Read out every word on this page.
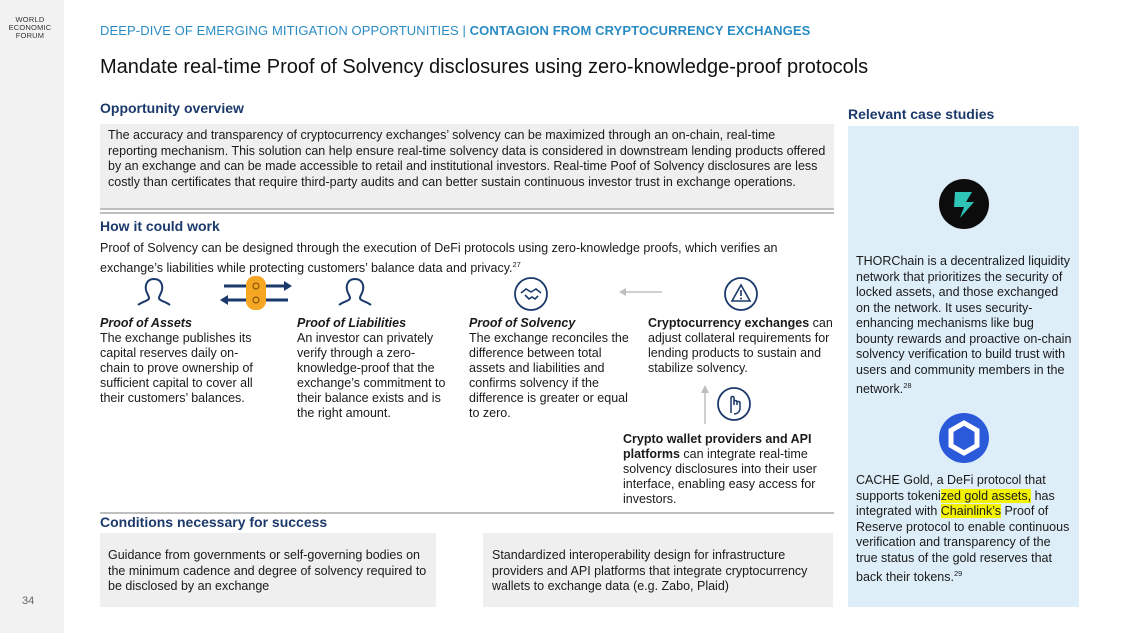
WORLD
ECONOMIC
FORUM
34
DEEP-DIVE OF EMERGING MITIGATION OPPORTUNITIES | CONTAGION FROM CRYPTOCURRENCY EXCHANGES
Mandate real-time Proof of Solvency disclosures using zero-knowledge-proof protocols
Opportunity overview
The accuracy and transparency of cryptocurrency exchanges’ solvency can be maximized through an on-chain, real-time reporting mechanism. This solution can help ensure real-time solvency data is considered in downstream lending products offered by an exchange and can be made accessible to retail and institutional investors. Real-time Poof of Solvency disclosures are less costly than certificates that require third-party audits and can better sustain continuous investor trust in exchange operations.
How it could work
Proof of Solvency can be designed through the execution of DeFi protocols using zero-knowledge proofs, which verifies an exchange’s liabilities while protecting customers’ balance data and privacy.$^{27}$
Proof of Assets
The exchange publishes its capital reserves daily on-chain to prove ownership of sufficient capital to cover all their customers’ balances.
Proof of Liabilities
An investor can privately verify through a zero-knowledge-proof that the exchange’s commitment to their balance exists and is the right amount.
Proof of Solvency
The exchange reconciles the difference between total assets and liabilities and confirms solvency if the difference is greater or equal to zero.
Cryptocurrency exchanges can adjust collateral requirements for lending products to sustain and stabilize solvency.
Crypto wallet providers and API platforms can integrate real-time solvency disclosures into their user interface, enabling easy access for investors.
Conditions necessary for success
Guidance from governments or self-governing bodies on the minimum cadence and degree of solvency required to be disclosed by an exchange
Standardized interoperability design for infrastructure providers and API platforms that integrate cryptocurrency wallets to exchange data (e.g. Zabo, Plaid)
Relevant case studies
THORChain is a decentralized liquidity network that prioritizes the security of locked assets, and those exchanged on the network. It uses security-enhancing mechanisms like bug bounty rewards and proactive on-chain solvency verification to build trust with users and community members in the network.$^{28}$
CACHE Gold, a DeFi protocol that supports tokenized gold assets, has integrated with Chainlink’s Proof of Reserve protocol to enable continuous verification and transparency of the true status of the gold reserves that back their tokens.$^{29}$
